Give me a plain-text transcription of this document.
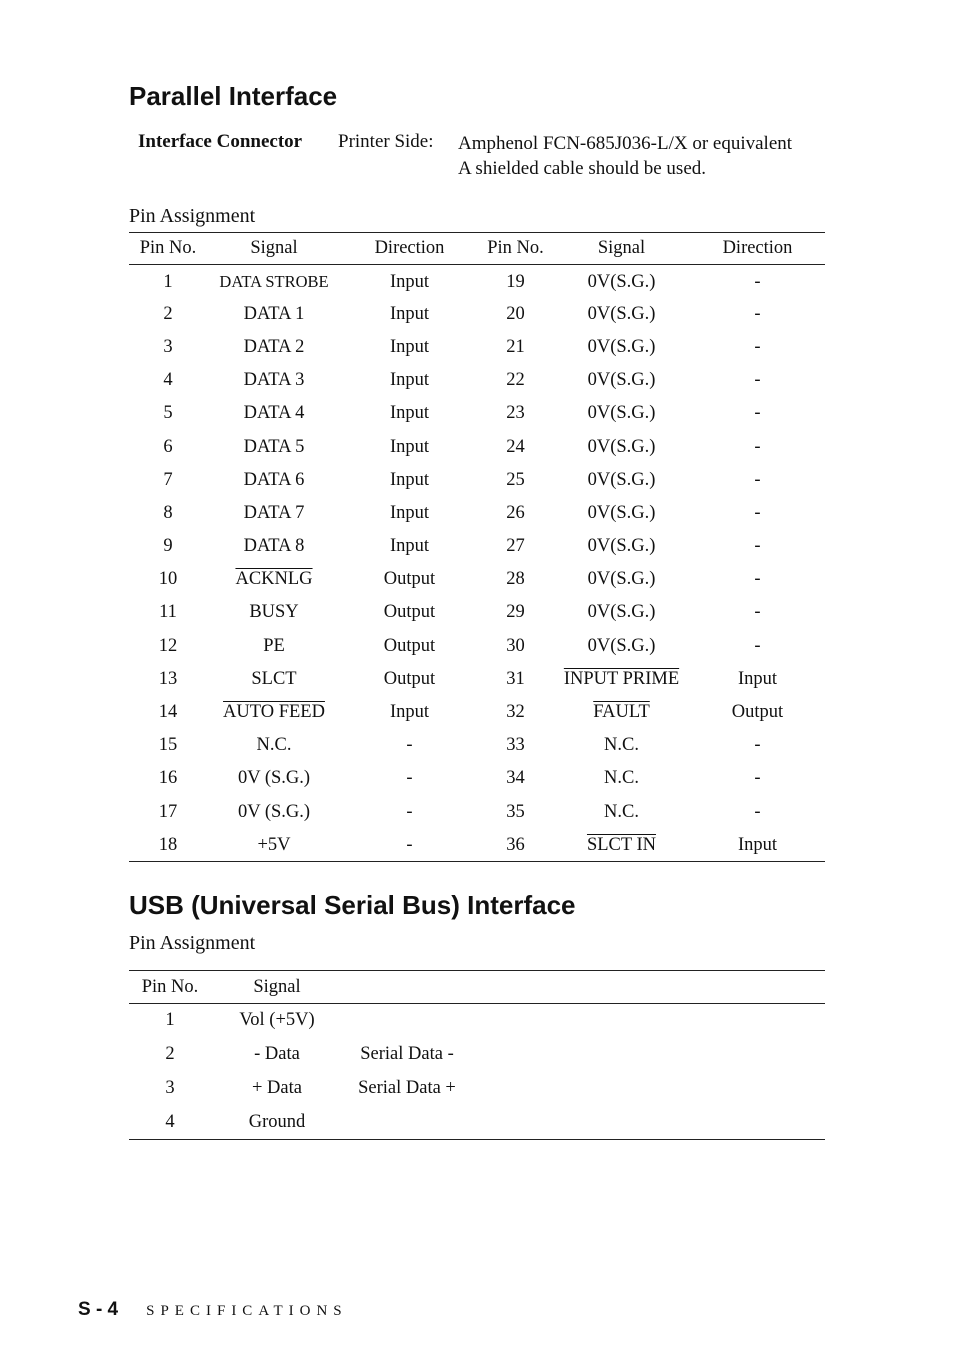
Parallel Interface
Interface Connector Printer Side: Amphenol FCN-685J036-L/X or equivalent
A shielded cable should be used.
Pin Assignment
Pin No.	Signal	Direction	Pin No.	Signal	Direction
1	DATA STROBE	Input	19	0V(S.G.)	-
2	DATA 1	Input	20	0V(S.G.)	-
3	DATA 2	Input	21	0V(S.G.)	-
4	DATA 3	Input	22	0V(S.G.)	-
5	DATA 4	Input	23	0V(S.G.)	-
6	DATA 5	Input	24	0V(S.G.)	-
7	DATA 6	Input	25	0V(S.G.)	-
8	DATA 7	Input	26	0V(S.G.)	-
9	DATA 8	Input	27	0V(S.G.)	-
10	ACKNLG	Output	28	0V(S.G.)	-
11	BUSY	Output	29	0V(S.G.)	-
12	PE	Output	30	0V(S.G.)	-
13	SLCT	Output	31	INPUT PRIME	Input
14	AUTO FEED	Input	32	FAULT	Output
15	N.C.	-	33	N.C.	-
16	0V (S.G.)	-	34	N.C.	-
17	0V (S.G.)	-	35	N.C.	-
18	+5V	-	36	SLCT IN	Input
USB (Universal Serial Bus) Interface
Pin Assignment
Pin No.	Signal		
1	Vol (+5V)		
2	- Data	Serial Data -	
3	+ Data	Serial Data +	
4	Ground		
S - 4 SPECIFICATIONS
